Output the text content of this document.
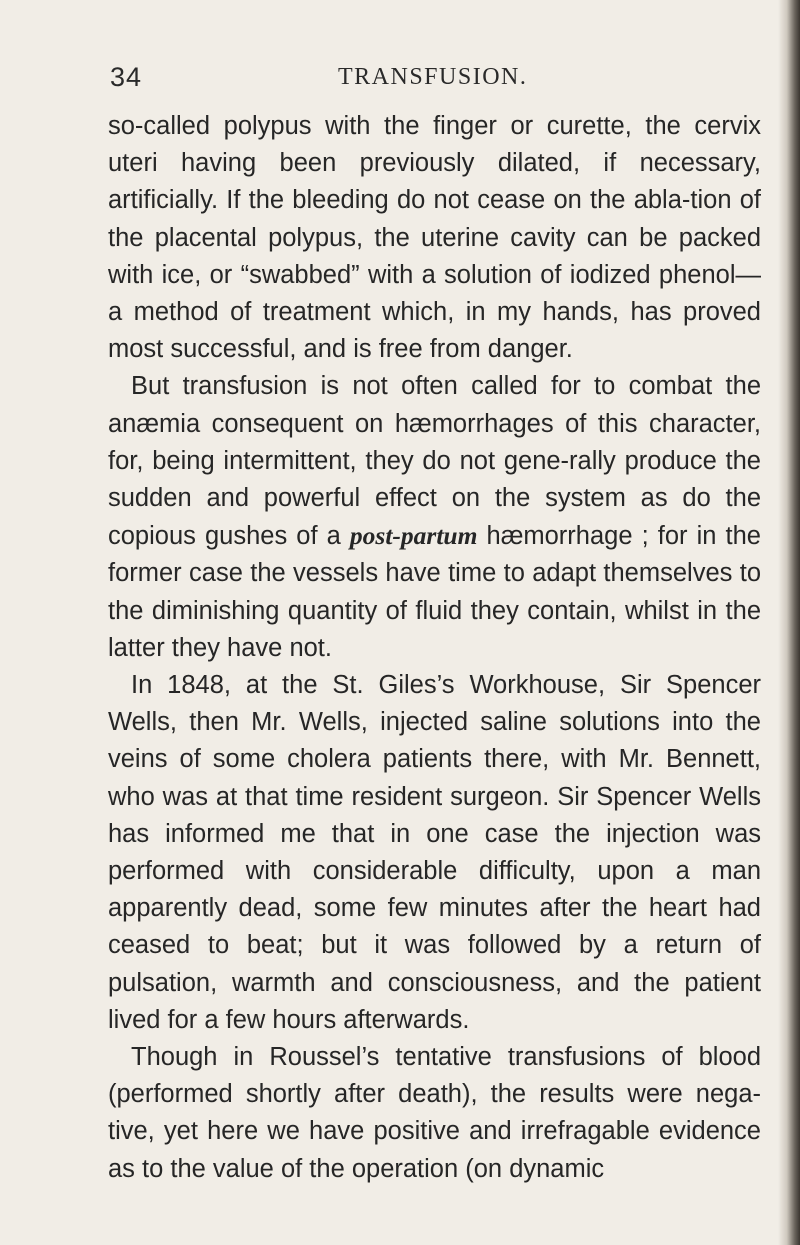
34	TRANSFUSION.

so-called polypus with the finger or curette, the cervix uteri having been previously dilated, if necessary, artificially. If the bleeding do not cease on the abla-tion of the placental polypus, the uterine cavity can be packed with ice, or “swabbed” with a solution of iodized phenol—a method of treatment which, in my hands, has proved most successful, and is free from danger.

But transfusion is not often called for to combat the anæmia consequent on hæmorrhages of this character, for, being intermittent, they do not gene-rally produce the sudden and powerful effect on the system as do the copious gushes of a post-partum hæmorrhage ; for in the former case the vessels have time to adapt themselves to the diminishing quantity of fluid they contain, whilst in the latter they have not.

In 1848, at the St. Giles’s Workhouse, Sir Spencer Wells, then Mr. Wells, injected saline solutions into the veins of some cholera patients there, with Mr. Bennett, who was at that time resident surgeon. Sir Spencer Wells has informed me that in one case the injection was performed with considerable difficulty, upon a man apparently dead, some few minutes after the heart had ceased to beat; but it was followed by a return of pulsation, warmth and consciousness, and the patient lived for a few hours afterwards.

Though in Roussel’s tentative transfusions of blood (performed shortly after death), the results were nega-tive, yet here we have positive and irrefragable evidence as to the value of the operation (on dynamic
